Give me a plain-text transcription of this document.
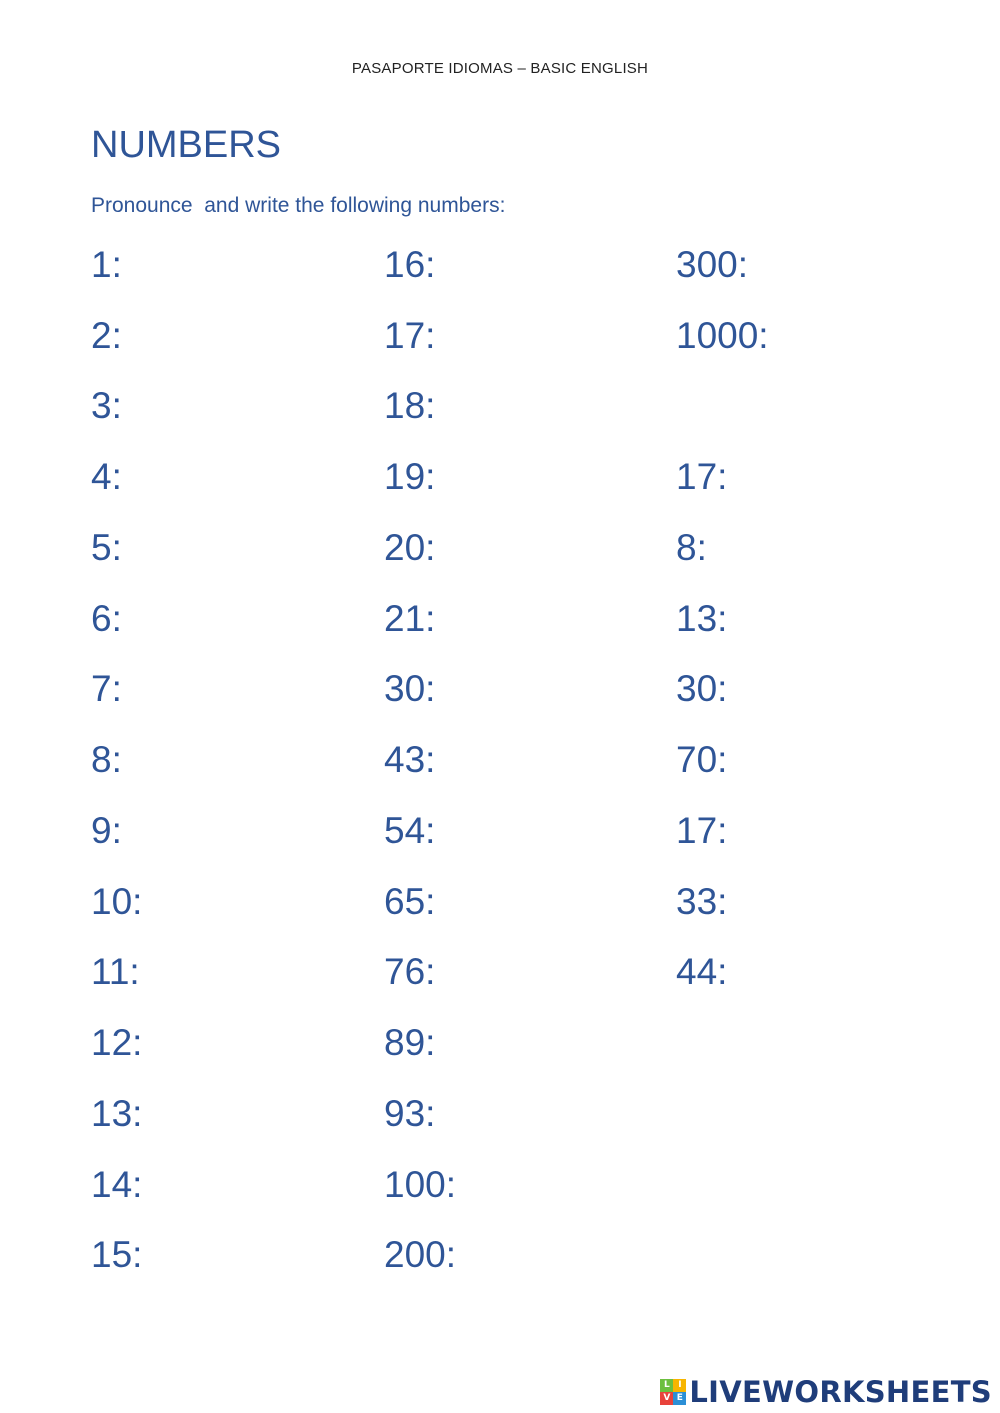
PASAPORTE IDIOMAS – BASIC ENGLISH
NUMBERS
Pronounce  and write the following numbers:
1:
2:
3:
4:
5:
6:
7:
8:
9:
10:
11:
12:
13:
14:
15:
16:
17:
18:
19:
20:
21:
30:
43:
54:
65:
76:
89:
93:
100:
200:
300:
1000:
17:
8:
13:
30:
70:
17:
33:
44:
L I
V E LIVEWORKSHEETS
